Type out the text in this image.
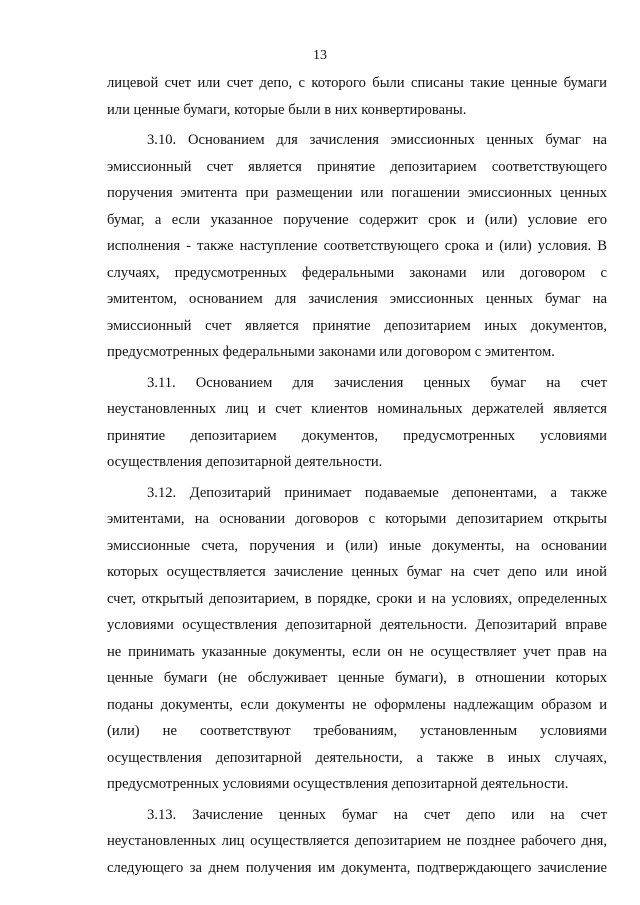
13
лицевой счет или счет депо, с которого были списаны такие ценные бумаги
или ценные бумаги, которые были в них конвертированы.
3.10. Основанием для зачисления эмиссионных ценных бумаг на
эмиссионный счет является принятие депозитарием соответствующего
поручения эмитента при размещении или погашении эмиссионных ценных
бумаг, а если указанное поручение содержит срок и (или) условие его
исполнения - также наступление соответствующего срока и (или) условия. В
случаях, предусмотренных федеральными законами или договором с
эмитентом, основанием для зачисления эмиссионных ценных бумаг на
эмиссионный счет является принятие депозитарием иных документов,
предусмотренных федеральными законами или договором с эмитентом.
3.11. Основанием для зачисления ценных бумаг на счет
неустановленных лиц и счет клиентов номинальных держателей является
принятие депозитарием документов, предусмотренных условиями
осуществления депозитарной деятельности.
3.12. Депозитарий принимает подаваемые депонентами, а также
эмитентами, на основании договоров с которыми депозитарием открыты
эмиссионные счета, поручения и (или) иные документы, на основании
которых осуществляется зачисление ценных бумаг на счет депо или иной
счет, открытый депозитарием, в порядке, сроки и на условиях, определенных
условиями осуществления депозитарной деятельности. Депозитарий вправе
не принимать указанные документы, если он не осуществляет учет прав на
ценные бумаги (не обслуживает ценные бумаги), в отношении которых
поданы документы, если документы не оформлены надлежащим образом и
(или) не соответствуют требованиям, установленным условиями
осуществления депозитарной деятельности, а также в иных случаях,
предусмотренных условиями осуществления депозитарной деятельности.
3.13. Зачисление ценных бумаг на счет депо или на счет
неустановленных лиц осуществляется депозитарием не позднее рабочего дня,
следующего за днем получения им документа, подтверждающего зачисление
